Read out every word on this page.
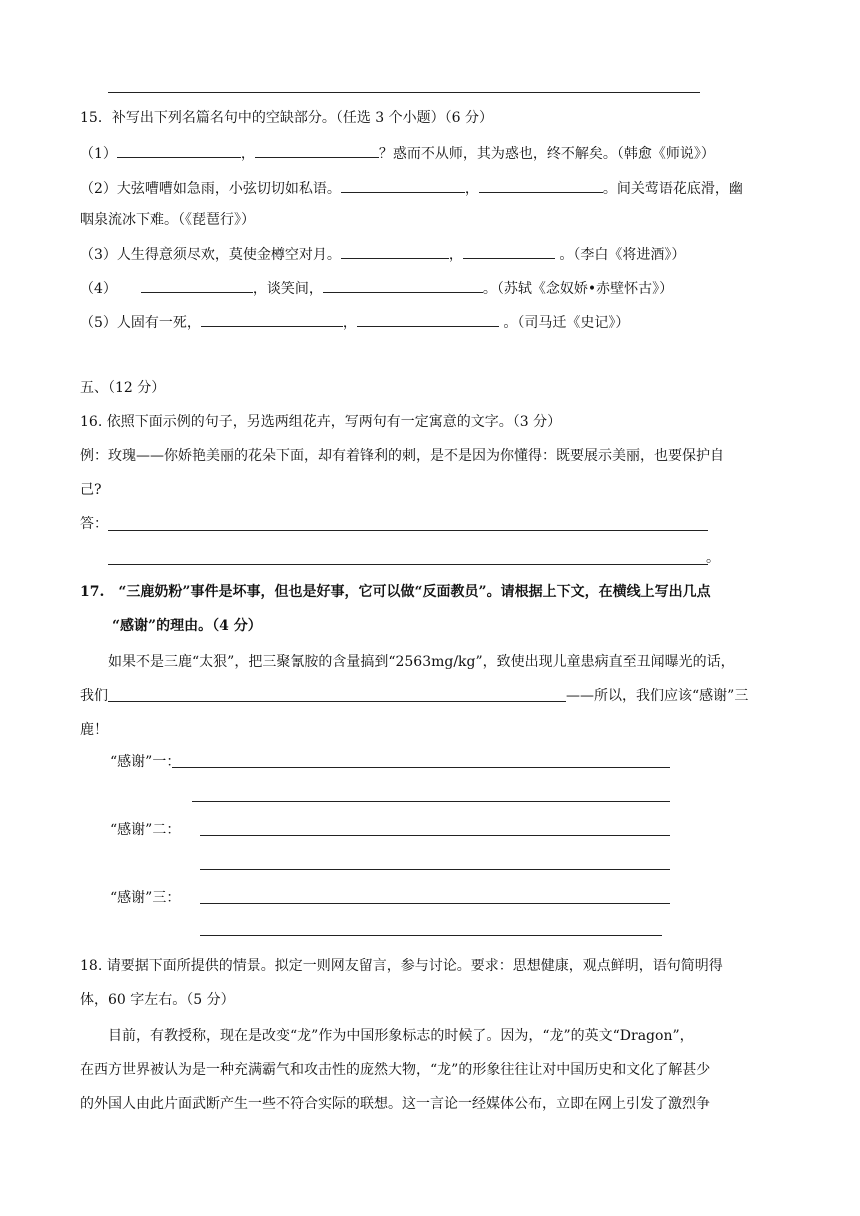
15．补写出下列名篇名句中的空缺部分。（任选 3 个小题）（6 分）
（1）	，	？惑而不从师，其为惑也，终不解矣。（韩愈《师说》）
（2）大弦嘈嘈如急雨，小弦切切如私语。	，	。间关莺语花底滑，幽
咽泉流冰下难。（《琵琶行》）
（3）人生得意须尽欢，莫使金樽空对月。	，	。（李白《将进酒》）
（4）	，谈笑间，	。（苏轼《念奴娇•赤壁怀古》）
（5）人固有一死，	，	。（司马迁《史记》）
五、（12 分）
16. 依照下面示例的句子，另选两组花卉，写两句有一定寓意的文字。（3 分）
例：玫瑰——你娇艳美丽的花朵下面，却有着锋利的刺，是不是因为你懂得：既要展示美丽，也要保护自
己?
答：
。
17.　“三鹿奶粉”事件是坏事，但也是好事，它可以做“反面教员”。请根据上下文，在横线上写出几点
“感谢”的理由。（4 分）
如果不是三鹿“太狠”，把三聚氰胺的含量搞到“2563mg/kg”，致使出现儿童患病直至丑闻曝光的话，
我们	——所以，我们应该“感谢”三
鹿！
“感谢”一：
“感谢”二：
“感谢”三：
18. 请要据下面所提供的情景。拟定一则网友留言，参与讨论。要求：思想健康，观点鲜明，语句简明得
体，60 字左右。（5 分）
目前，有教授称，现在是改变“龙”作为中国形象标志的时候了。因为，“龙”的英文“Dragon”，
在西方世界被认为是一种充满霸气和攻击性的庞然大物，“龙”的形象往往让对中国历史和文化了解甚少
的外国人由此片面武断产生一些不符合实际的联想。这一言论一经媒体公布，立即在网上引发了激烈争
